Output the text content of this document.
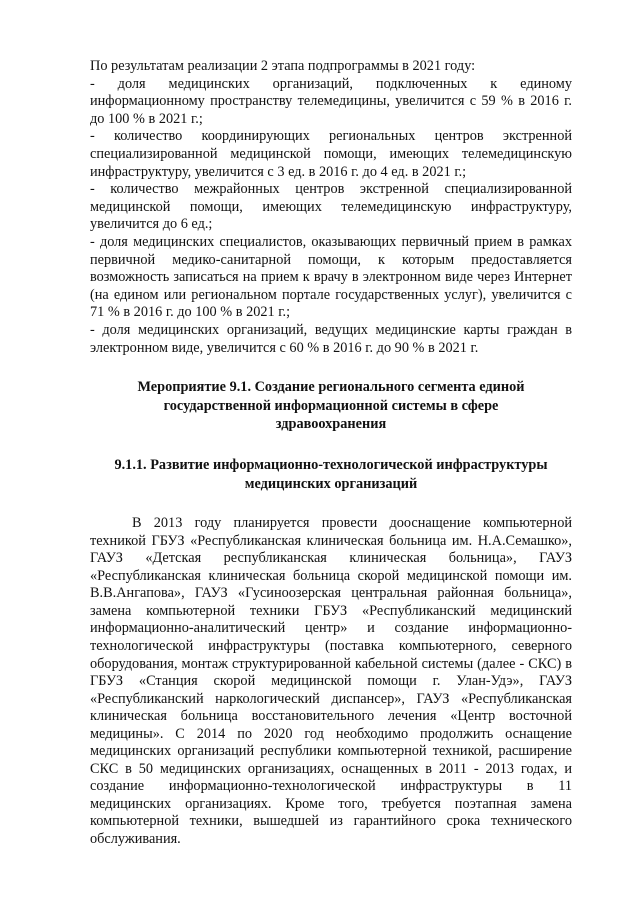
По результатам реализации 2 этапа подпрограммы в 2021 году:

- доля медицинских организаций, подключенных к единому информационному пространству телемедицины, увеличится с 59 % в 2016 г. до 100 % в 2021 г.;

- количество координирующих региональных центров экстренной специализированной медицинской помощи, имеющих телемедицинскую инфраструктуру, увеличится с 3 ед. в 2016 г. до 4 ед. в 2021 г.;

- количество межрайонных центров экстренной специализированной медицинской помощи, имеющих телемедицинскую инфраструктуру, увеличится до 6 ед.;

- доля медицинских специалистов, оказывающих первичный прием в рамках первичной медико-санитарной помощи, к которым предоставляется возможность записаться на прием к врачу в электронном виде через Интернет (на едином или региональном портале государственных услуг), увеличится с 71 % в 2016 г. до 100 % в 2021 г.;

- доля медицинских организаций, ведущих медицинские карты граждан в электронном виде, увеличится с 60 % в 2016 г. до 90 % в 2021 г.

Мероприятие 9.1. Создание регионального сегмента единой
государственной информационной системы в сфере
здравоохранения
9.1.1. Развитие информационно-технологической инфраструктуры
медицинских организаций

В 2013 году планируется провести дооснащение компьютерной техникой ГБУЗ «Республиканская клиническая больница им. Н.А.Семашко», ГАУЗ «Детская республиканская клиническая больница», ГАУЗ «Республиканская клиническая больница скорой медицинской помощи им. В.В.Ангапова», ГАУЗ «Гусиноозерская центральная районная больница», замена компьютерной техники ГБУЗ «Республиканский медицинский информационно-аналитический центр» и создание информационно-технологической инфраструктуры (поставка компьютерного, северного оборудования, монтаж структурированной кабельной системы (далее - СКС) в ГБУЗ «Станция скорой медицинской помощи г. Улан-Удэ», ГАУЗ «Республиканский наркологический диспансер», ГАУЗ «Республиканская клиническая больница восстановительного лечения «Центр восточной медицины». С 2014 по 2020 год необходимо продолжить оснащение медицинских организаций республики компьютерной техникой, расширение СКС в 50 медицинских организациях, оснащенных в 2011 - 2013 годах, и создание информационно-технологической инфраструктуры в 11 медицинских организациях. Кроме того, требуется поэтапная замена компьютерной техники, вышедшей из гарантийного срока технического обслуживания.
